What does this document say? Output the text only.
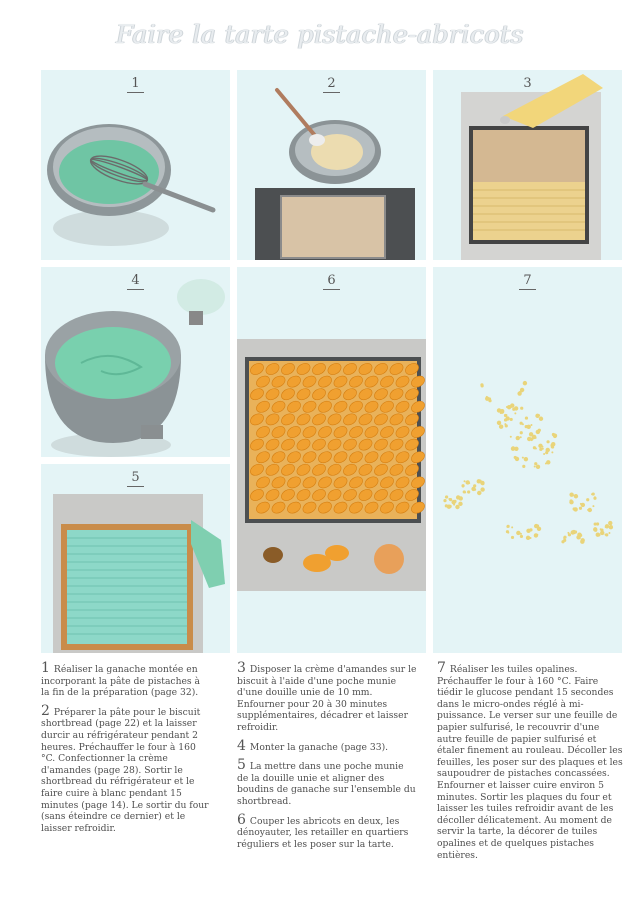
Faire la tarte pistache-abricots
1	2	3
4	6	7
5

1 Réaliser la ganache montée en incorporant la pâte de pistaches à la fin de la préparation (page 32).

2 Préparer la pâte pour le biscuit shortbread (page 22) et la laisser durcir au réfrigérateur pendant 2 heures. Préchauffer le four à 160 °C. Confectionner la crème d'amandes (page 28). Sortir le shortbread du réfrigérateur et le faire cuire à blanc pendant 15 minutes (page 14). Le sortir du four (sans éteindre ce dernier) et le laisser refroidir.

3 Disposer la crème d'amandes sur le biscuit à l'aide d'une poche munie d'une douille unie de 10 mm. Enfourner pour 20 à 30 minutes supplémentaires, décadrer et laisser refroidir.

4 Monter la ganache (page 33).

5 La mettre dans une poche munie de la douille unie et aligner des boudins de ganache sur l'ensemble du shortbread.

6 Couper les abricots en deux, les dénoyauter, les retailler en quartiers réguliers et les poser sur la tarte.

7 Réaliser les tuiles opalines. Préchauffer le four à 160 °C. Faire tiédir le glucose pendant 15 secondes dans le micro-ondes réglé à mi-puissance. Le verser sur une feuille de papier sulfurisé, le recouvrir d'une autre feuille de papier sulfurisé et étaler finement au rouleau. Décoller les feuilles, les poser sur des plaques et les saupoudrer de pistaches concassées. Enfourner et laisser cuire environ 5 minutes. Sortir les plaques du four et laisser les tuiles refroidir avant de les décoller délicatement. Au moment de servir la tarte, la décorer de tuiles opalines et de quelques pistaches entières.
